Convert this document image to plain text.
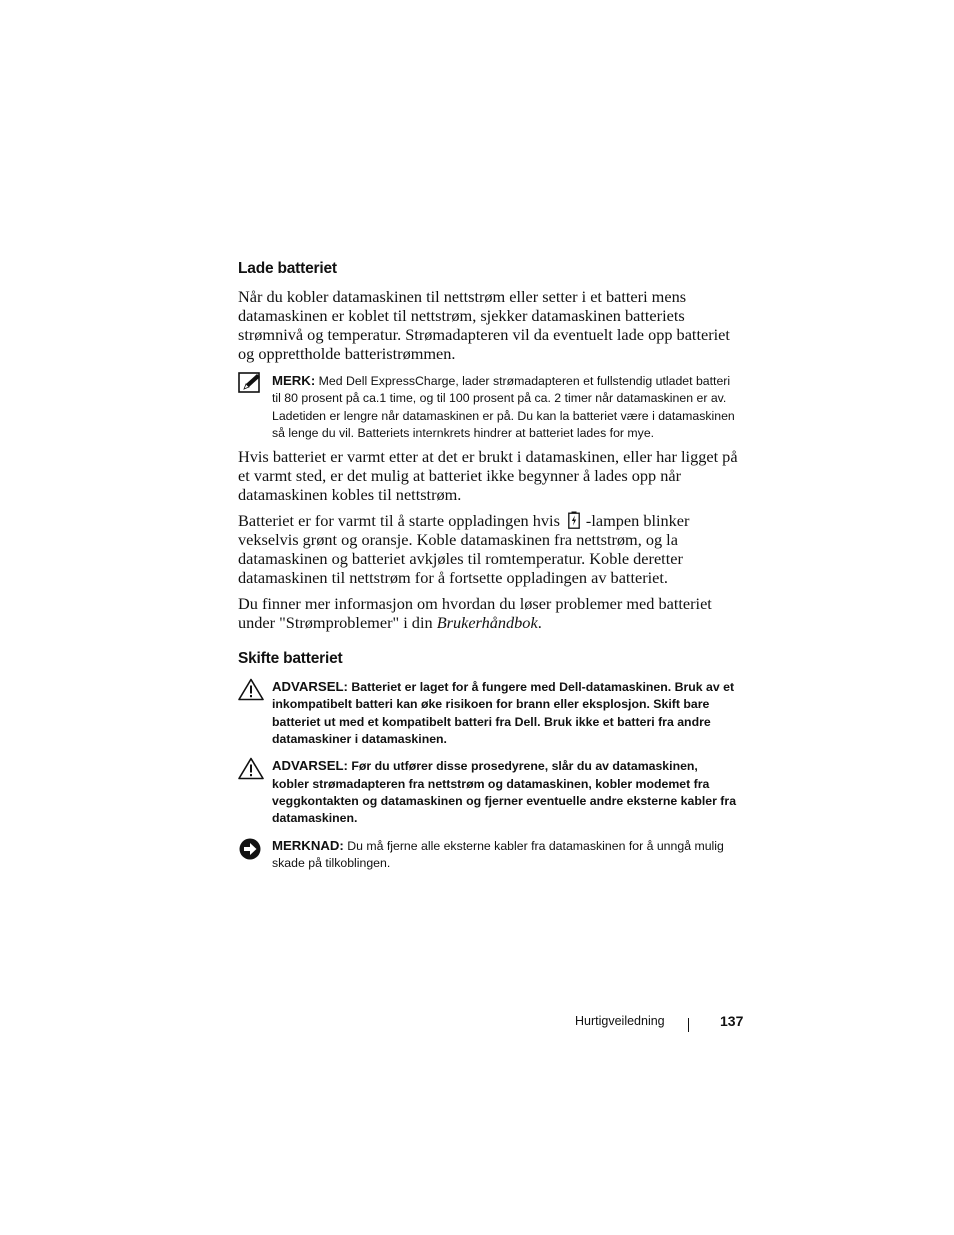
Lade batteriet

Når du kobler datamaskinen til nettstrøm eller setter i et batteri mens datamaskinen er koblet til nettstrøm, sjekker datamaskinen batteriets strømnivå og temperatur. Strømadapteren vil da eventuelt lade opp batteriet og opprettholde batteristrømmen.

MERK: Med Dell ExpressCharge, lader strømadapteren et fullstendig utladet batteri til 80 prosent på ca.1 time, og til 100 prosent på ca. 2 timer når datamaskinen er av. Ladetiden er lengre når datamaskinen er på. Du kan la batteriet være i datamaskinen så lenge du vil. Batteriets internkrets hindrer at batteriet lades for mye.

Hvis batteriet er varmt etter at det er brukt i datamaskinen, eller har ligget på et varmt sted, er det mulig at batteriet ikke begynner å lades opp når datamaskinen kobles til nettstrøm.

Batteriet er for varmt til å starte oppladingen hvis -lampen blinker vekselvis grønt og oransje. Koble datamaskinen fra nettstrøm, og la datamaskinen og batteriet avkjøles til romtemperatur. Koble deretter datamaskinen til nettstrøm for å fortsette oppladingen av batteriet.

Du finner mer informasjon om hvordan du løser problemer med batteriet under "Strømproblemer" i din Brukerhåndbok.

Skifte batteriet
ADVARSEL: Batteriet er laget for å fungere med Dell-datamaskinen. Bruk av et inkompatibelt batteri kan øke risikoen for brann eller eksplosjon. Skift bare batteriet ut med et kompatibelt batteri fra Dell. Bruk ikke et batteri fra andre datamaskiner i datamaskinen.
ADVARSEL: Før du utfører disse prosedyrene, slår du av datamaskinen, kobler strømadapteren fra nettstrøm og datamaskinen, kobler modemet fra veggkontakten og datamaskinen og fjerner eventuelle andre eksterne kabler fra datamaskinen.
MERKNAD: Du må fjerne alle eksterne kabler fra datamaskinen for å unngå mulig skade på tilkoblingen.
Hurtigveiledning	137
